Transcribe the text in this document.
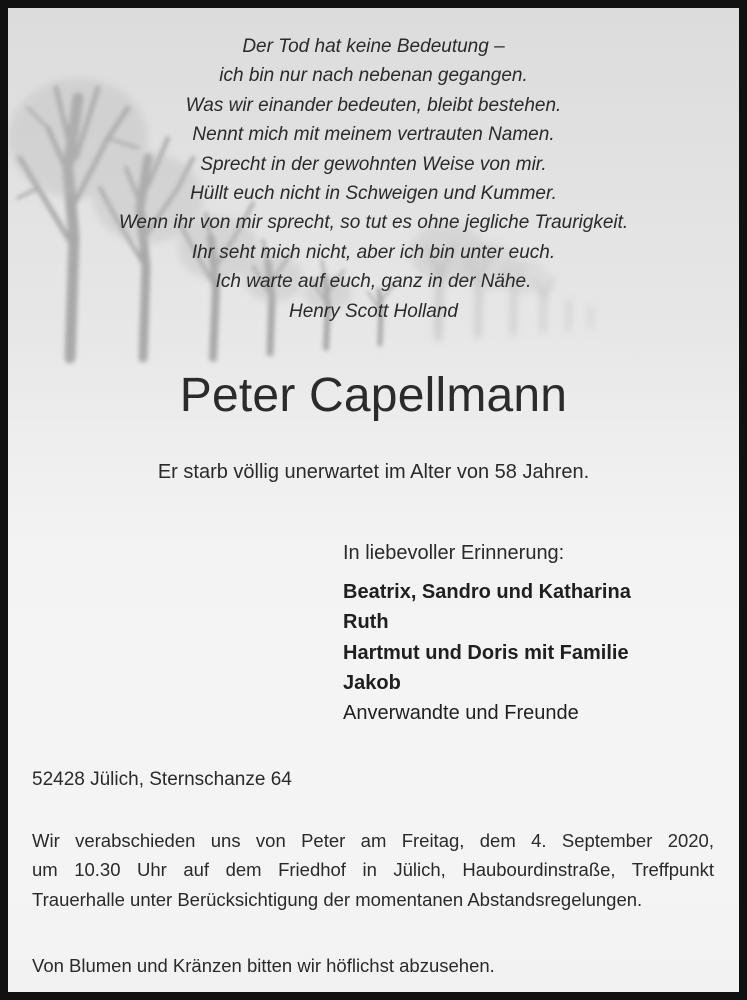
Der Tod hat keine Bedeutung –
ich bin nur nach nebenan gegangen.
Was wir einander bedeuten, bleibt bestehen.
Nennt mich mit meinem vertrauten Namen.
Sprecht in der gewohnten Weise von mir.
Hüllt euch nicht in Schweigen und Kummer.
Wenn ihr von mir sprecht, so tut es ohne jegliche Traurigkeit.
Ihr seht mich nicht, aber ich bin unter euch.
Ich warte auf euch, ganz in der Nähe.
Henry Scott Holland
Peter Capellmann
Er starb völlig unerwartet im Alter von 58 Jahren.
In liebevoller Erinnerung:
Beatrix, Sandro und Katharina
Ruth
Hartmut und Doris mit Familie
Jakob
Anverwandte und Freunde
52428 Jülich, Sternschanze 64
Wir verabschieden uns von Peter am Freitag, dem 4. September 2020,
um 10.30 Uhr auf dem Friedhof in Jülich, Haubourdinstraße, Treffpunkt
Trauerhalle unter Berücksichtigung der momentanen Abstandsregelungen.
Von Blumen und Kränzen bitten wir höflichst abzusehen.
